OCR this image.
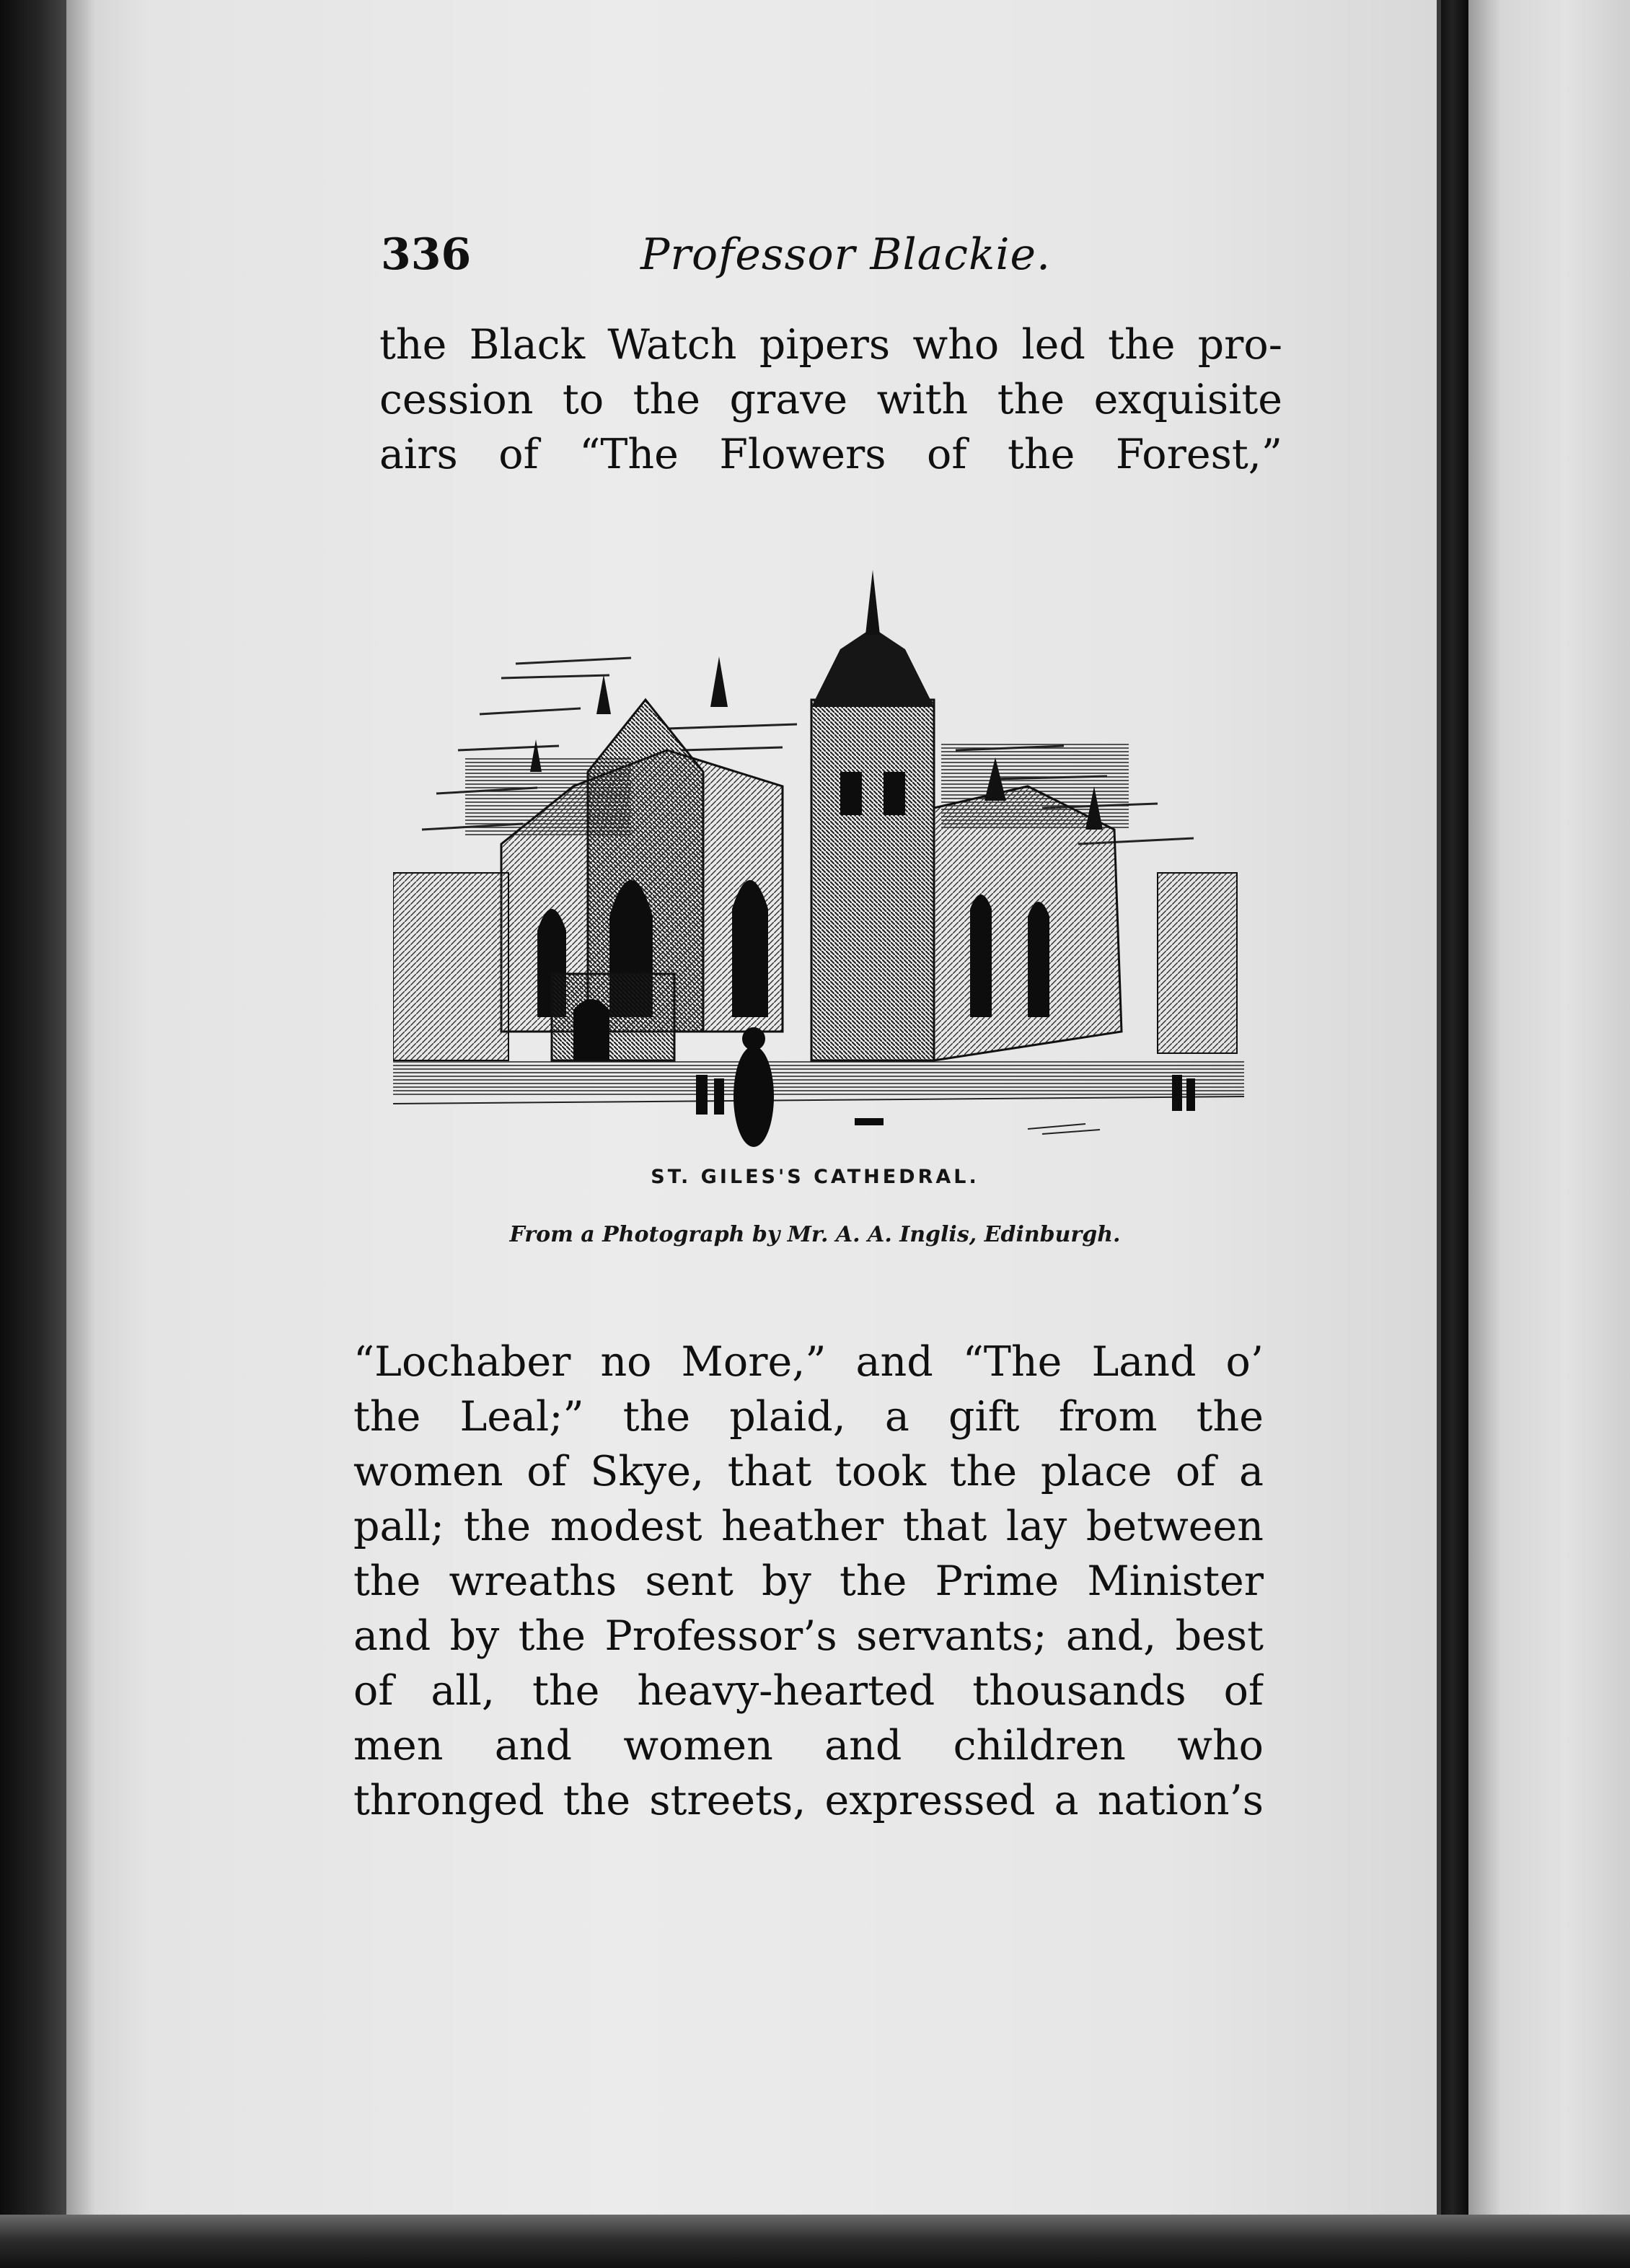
336	Professor Blackie.
the Black Watch pipers who led the pro-
cession to the grave with the exquisite
airs of “The Flowers of the Forest,”
ST. GILES'S CATHEDRAL.
From a Photograph by Mr. A. A. Inglis, Edinburgh.
“Lochaber no More,” and “The Land o’
the Leal;” the plaid, a gift from the
women of Skye, that took the place of a
pall; the modest heather that lay between
the wreaths sent by the Prime Minister
and by the Professor’s servants; and, best
of all, the heavy-hearted thousands of
men and women and children who
thronged the streets, expressed a nation’s
